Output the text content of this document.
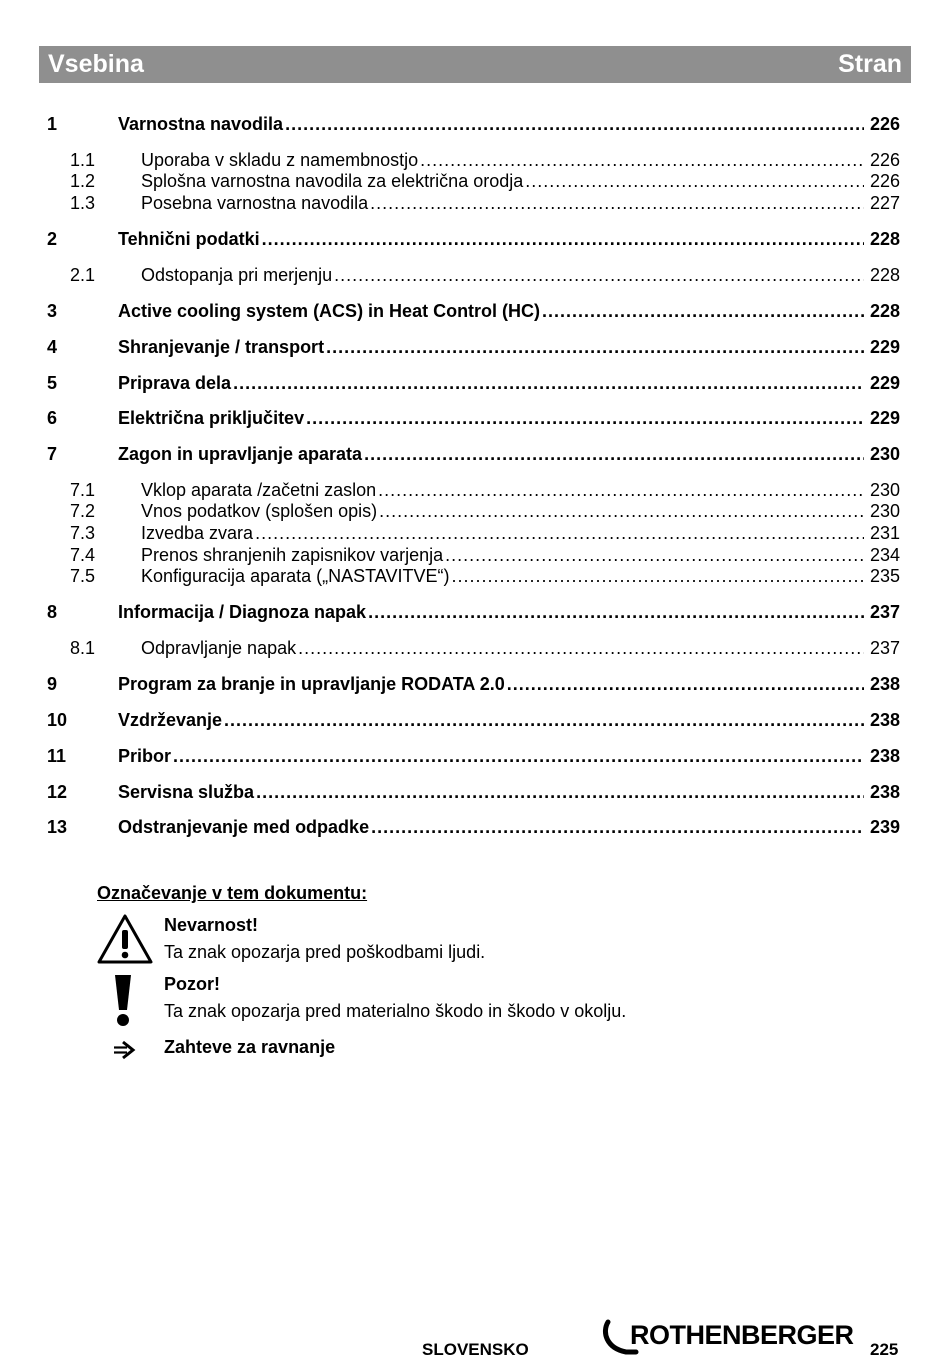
Vsebina	Stran
1	Varnostna navodila .....	226
1.1	Uporaba v skladu z namembnostjo .....	226
1.2	Splošna varnostna navodila za električna orodja .....	226
1.3	Posebna varnostna navodila .....	227
2	Tehnični podatki .....	228
2.1	Odstopanja pri merjenju .....	228
3	Active cooling system (ACS) in Heat Control (HC) .....	228
4	Shranjevanje / transport .....	229
5	Priprava dela .....	229
6	Električna priključitev .....	229
7	Zagon in upravljanje aparata .....	230
7.1	Vklop aparata /začetni zaslon .....	230
7.2	Vnos podatkov (splošen opis) .....	230
7.3	Izvedba zvara .....	231
7.4	Prenos shranjenih zapisnikov varjenja .....	234
7.5	Konfiguracija aparata („NASTAVITVE“) .....	235
8	Informacija / Diagnoza napak .....	237
8.1	Odpravljanje napak .....	237
9	Program za branje in upravljanje RODATA 2.0 .....	238
10	Vzdrževanje .....	238
11	Pribor .....	238
12	Servisna služba .....	238
13	Odstranjevanje med odpadke .....	239
Označevanje v tem dokumentu:
Nevarnost!
Ta znak opozarja pred poškodbami ljudi.
Pozor!
Ta znak opozarja pred materialno škodo in škodo v okolju.
Zahteve za ravnanje
SLOVENSKO	ROTHENBERGER 225
